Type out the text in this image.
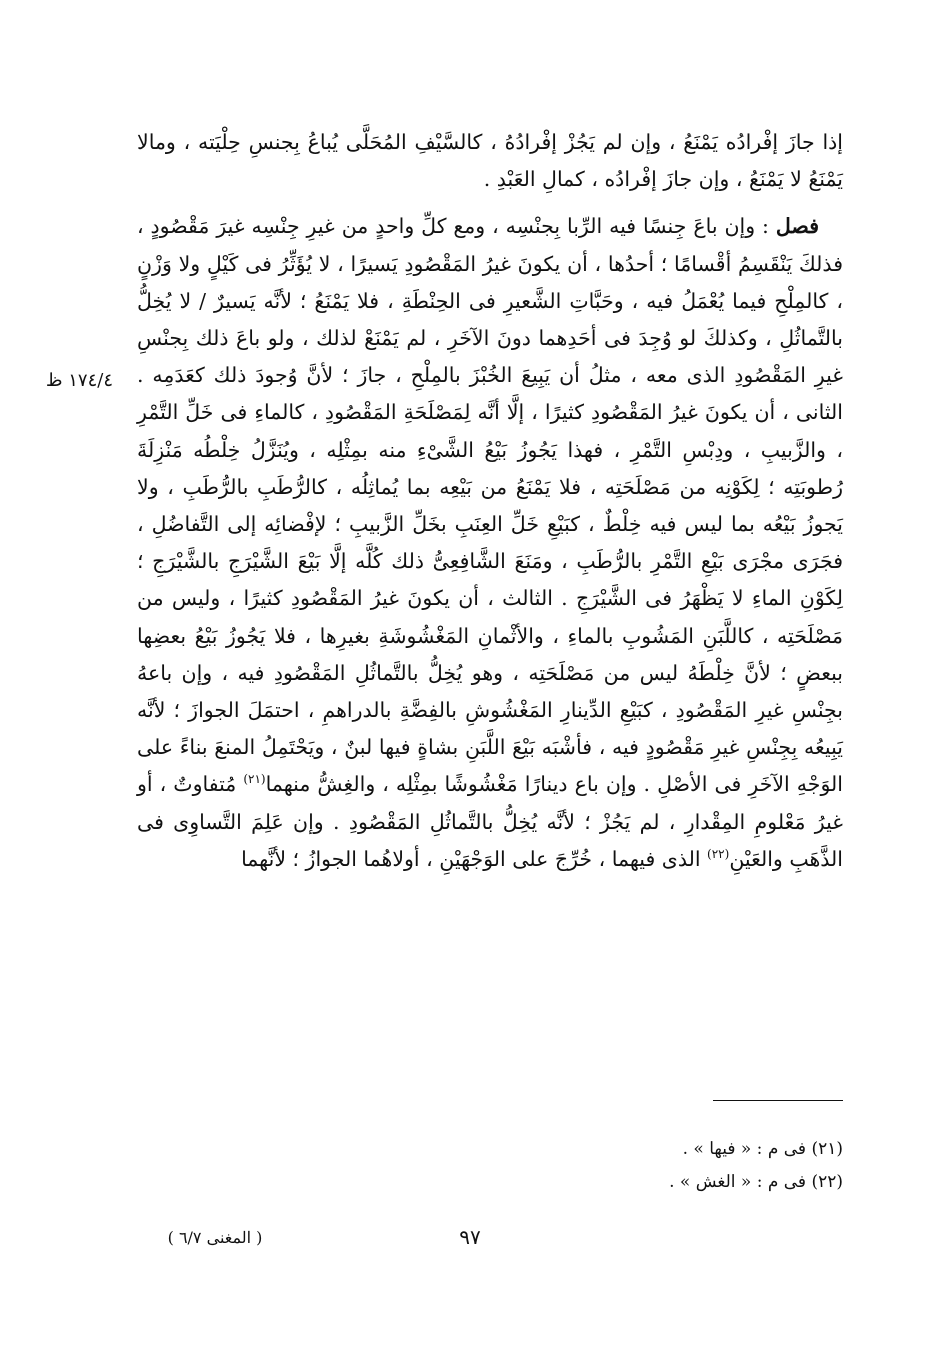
إذا جازَ إفْرادُه يَمْنَعُ ، وإن لم يَجُزْ إفْرادُهُ ، كالسَّيْفِ المُحَلَّى يُباعُ بِجنسِ حِلْيَته ، ومالا يَمْنَعُ لا يَمْنَعُ ، وإن جازَ إفْرادُه ، كمالِ العَبْدِ .

فصل : وإن باعَ جِنسًا فيه الرِّبا بِجنْسِه ، ومع كلِّ واحدٍ من غيرِ جِنْسِه غيرَ مَقْصُودٍ ، فذلكَ يَنْقَسِمُ أقْسامًا ؛ أحدُها ، أن يكونَ غيرُ المَقْصُودِ يَسيرًا ، لا يُؤَثِّرُ فى كَيْلٍ ولا وَزْنٍ ، كالمِلْحِ فيما يُعْمَلُ فيه ، وحَبَّاتِ الشَّعيرِ فى الحِنْطَةِ ، فلا يَمْنَعُ ؛ لأنَّه يَسيرٌ / لا يُخِلُّ بالتَّماثُلِ ، وكذلكَ لو وُجِدَ فى أحَدِهما دونَ الآخَرِ ، لم يَمْنَعْ لذلك ، ولو باعَ ذلك بِجنْسِ غيرِ المَقْصُودِ الذى معه ، مثلُ أن يَبِيعَ الخُبْزَ بالمِلْحِ ، جازَ ؛ لأنَّ وُجودَ ذلك كعَدَمِه . الثانى ، أن يكونَ غيرُ المَقْصُودِ كثيرًا ، إلَّا أنَّه لِمَصْلَحَةِ المَقْصُودِ ، كالماءِ فى خَلِّ التَّمْرِ ، والزَّبيبِ ، ودِبْسِ التَّمْرِ ، فهذا يَجُوزُ بَيْعُ الشَّىْءِ منه بمِثْلِه ، ويُنَزَّلُ خِلْطُه مَنْزِلَةَ رُطوبَتِه ؛ لِكَوْنِه من مَصْلَحَتِه ، فلا يَمْنَعُ من بَيْعِه بما يُماثِلُه ، كالرُّطَبِ بالرُّطَبِ ، ولا يَجوزُ بَيْعُه بما ليس فيه خِلْطٌ ، كبَيْعِ خَلِّ العِنَبِ بخَلِّ الزَّبيبِ ؛ لإفْضائِه إلى التَّفاضُلِ ، فجَرَى مجْرَى بَيْعِ التَّمْرِ بالرُّطَبِ ، ومَنَعَ الشَّافِعِىُّ ذلك كُلَّه إلَّا بَيْعَ الشَّيْرَجِ بالشَّيْرَجِ ؛ لِكَوْنِ الماءِ لا يَظْهَرُ فى الشَّيْرَجِ . الثالث ، أن يكونَ غيرُ المَقْصُودِ كثيرًا ، وليس من مَصْلَحَتِه ، كاللَّبَنِ المَشُوبِ بالماءِ ، والأثْمانِ المَغْشُوشَةِ بغيرِها ، فلا يَجُوزُ بَيْعُ بعضِها ببعضٍ ؛ لأنَّ خِلْطَهُ ليس من مَصْلَحَتِه ، وهو يُخِلُّ بالتَّماثُلِ المَقْصُودِ فيه ، وإن باعهُ بجِنْسِ غيرِ المَقْصُودِ ، كبَيْعِ الدِّينارِ المَغْشُوشِ بالفِضَّةِ بالدراهمِ ، احتمَلَ الجوازَ ؛ لأنَّه يَبِيعُه بِجِنْسِ غيرِ مَقْصُودٍ فيه ، فأشْبَه بَيْعَ اللَّبَنِ بشاةٍ فيها لبنٌ ، ويَحْتَمِلُ المنعَ بناءً على الوَجْهِ الآخَرِ فى الأصْلِ . وإن باع دينارًا مَغْشُوشًا بمِثْلِه ، والغِشُّ منهما$^{(٢١)}$ مُتفاوتٌ ، أو غيرُ مَعْلومِ المِقْدارِ ، لم يَجُزْ ؛ لأنَّه يُخِلُّ بالتَّماثُلِ المَقْصُودِ . وإن عَلِمَ التَّساوِى فى الذَّهَبِ والعَيْنِ$^{(٢٢)}$ الذى فيهما ، خُرِّجَ على الوَجْهَيْنِ ، أولاهُما الجوازُ ؛ لأنَّهما

١٧٤/٤ ظ
(٢١) فى م : « فيها » .
(٢٢) فى م : « الغش » .
٩٧
( المغنى ٦/٧ )
